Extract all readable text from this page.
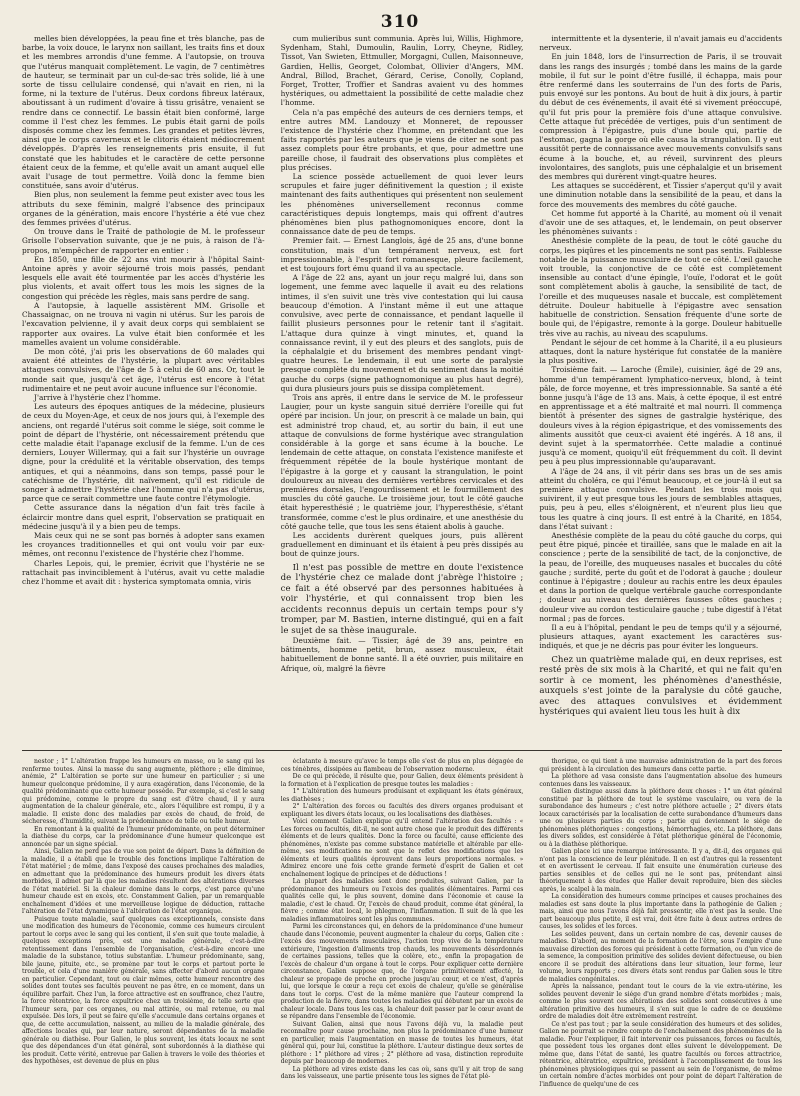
310

melles bien développées, la peau fine et très blanche, pas de barbe, la voix douce, le larynx non saillant, les traits fins et doux et les membres arrondis d'une femme. A l'autopsie, on trouva que l'utérus manquait complètement. Le vagin, de 7 centimètres de hauteur, se terminait par un cul-de-sac très solide, lié à une sorte de tissu cellulaire condensé, qui n'avait en rien, ni la forme, ni la texture de l'utérus. Deux cordons fibreux latéraux, aboutissant à un rudiment d'ovaire à tissu grisâtre, venaient se rendre dans ce connectif. Le bassin était bien conformé, large comme il l'est chez les femmes. Le pubis était garni de poils disposés comme chez les femmes. Les grandes et petites lèvres, ainsi que le corps caverneux et le clitoris étaient médiocrement développés. D'après les renseignements pris ensuite, il fut constaté que les habitudes et le caractère de cette personne étaient ceux de la femme, et qu'elle avait un amant auquel elle avait l'usage de tout permettre. Voilà donc la femme bien constituée, sans avoir d'utérus.

Bien plus, non seulement la femme peut exister avec tous les attributs du sexe féminin, malgré l'absence des principaux organes de la génération, mais encore l'hystérie a été vue chez des femmes privées d'utérus.

On trouve dans le Traité de pathologie de M. le professeur Grisolle l'observation suivante, que je ne puis, à raison de l'à-propos, m'empêcher de rapporter en entier :

En 1850, une fille de 22 ans vint mourir à l'hôpital Saint-Antoine après y avoir séjourné trois mois passés, pendant lesquels elle avait été tourmentée par les accès d'hystérie les plus violents, et avait offert tous les mois les signes de la congestion qui précède les règles, mais sans perdre de sang.

A l'autopsie, à laquelle assistèrent MM. Grisolle et Chassaignac, on ne trouva ni vagin ni utérus. Sur les parois de l'excavation pelvienne, il y avait deux corps qui semblaient se rapporter aux ovaires. La vulve était bien conformée et les mamelles avaient un volume considérable.

De mon côté, j'ai pris les observations de 60 malades qui avaient été atteintes de l'hystérie, la plupart avec véritables attaques convulsives, de l'âge de 5 à celui de 60 ans. Or, tout le monde sait que, jusqu'à cet âge, l'utérus est encore à l'état rudimentaire et ne peut avoir aucune influence sur l'économie.

J'arrive à l'hystérie chez l'homme.

Les auteurs des époques antiques de la médecine, plusieurs de ceux du Moyen-Age, et ceux de nos jours qui, à l'exemple des anciens, ont regardé l'utérus soit comme le siége, soit comme le point de départ de l'hystérie, ont nécessairement prétendu que cette maladie était l'apanage exclusif de la femme. L'un de ces derniers, Louyer Willermay, qui a fait sur l'hystérie un ouvrage digne, pour la crédulité et la véritable observation, des temps antiques, et qui a néanmoins, dans son temps, passé pour le catéchisme de l'hystérie, dit naïvement, qu'il est ridicule de songer à admettre l'hystérie chez l'homme qui n'a pas d'utérus, parce que ce serait commettre une faute contre l'étymologie.

Cette assurance dans la négation d'un fait très facile à éclaircir montre dans quel esprit, l'observation se pratiquait en médecine jusqu'à il y a bien peu de temps.

Mais ceux qui ne se sont pas bornés à adopter sans examen les croyances traditionnelles et qui ont voulu voir par eux-mêmes, ont reconnu l'existence de l'hystérie chez l'homme.

Charles Lepois, qui, le premier, écrivit que l'hystérie ne se rattachait pas invinciblement à l'utérus, avait vu cette maladie chez l'homme et avait dit : hysterica symptomata omnia, viris

cum mulieribus sunt communia. Après lui, Willis, Highmore, Sydenham, Stahl, Dumoulin, Raulin, Lorry, Cheyne, Ridley, Tissot, Van Swieten, Ettmuller, Morgagni, Cullen, Maisonneuve, Gardien, Hellis, Georget, Colombat, Ollivier d'Angers, MM. Andral, Billod, Brachet, Gérard, Cerise, Conolly, Copland, Forget, Trotter, Troffier et Sandras avaient vu des hommes hystériques, ou admettaient la possibilité de cette maladie chez l'homme.

Cela n'a pas empêché des auteurs de ces derniers temps, et entre autres MM. Landouzy et Monneret, de repousser l'existence de l'hystérie chez l'homme, en prétendant que les faits rapportés par les auteurs que je viens de citer ne sont pas assez complets pour être probants, et que, pour admettre une pareille chose, il faudrait des observations plus complètes et plus précises.

La science possède actuellement de quoi lever leurs scrupules et faire juger définitivement la question ; il existe maintenant des faits authentiques qui présentent non seulement les phénomènes universellement reconnus comme caractéristiques depuis longtemps, mais qui offrent d'autres phénomènes bien plus pathognomoniques encore, dont la connaissance date de peu de temps.

Premier fait. — Ernest Langlois, âgé de 25 ans, d'une bonne constitution, mais d'un tempérament nerveux, est fort impressionnable, à l'esprit fort romanesque, pleure facilement, et est toujours fort ému quand il va au spectacle.

A l'âge de 22 ans, ayant un jour reçu malgré lui, dans son logement, une femme avec laquelle il avait eu des relations intimes, il s'en suivit une très vive contestation qui lui causa beaucoup d'émotion. A l'instant même il eut une attaque convulsive, avec perte de connaissance, et pendant laquelle il faillit plusieurs personnes pour le retenir tant il s'agitait. L'attaque dura quinze à vingt minutes, et, quand la connaissance revint, il y eut des pleurs et des sanglots, puis de la céphalalgie et du brisement des membres pendant vingt-quatre heures. Le lendemain, il eut une sorte de paralysie presque complète du mouvement et du sentiment dans la moitié gauche du corps (signe pathognomonique au plus haut degré), qui dura plusieurs jours puis se dissipa complètement.

Trois ans après, il entre dans le service de M. le professeur Laugier, pour un kyste sanguin situé derrière l'oreille qui fut opéré par incision. Un jour, on prescrit à ce malade un bain, qui est administré trop chaud, et, au sortir du bain, il eut une attaque de convulsions de forme hystérique avec strangulation considérable à la gorge et sans écume à la bouche. Le lendemain de cette attaque, on constata l'existence manifeste et fréquemment répétée de la boule hystérique montant de l'épigastre à la gorge et y causant la strangulation, le point douloureux au niveau des dernières vertèbres cervicales et des premières dorsales, l'engourdissement et le fourmillement des muscles du côté gauche. Le troisième jour, tout le côté gauche était hyperesthésié ; le quatrième jour, l'hyperesthésie, s'étant transformée, comme c'est le plus ordinaire, et une anesthésie du côté gauche telle, que tous les sens étaient abolis à gauche.

Les accidents durèrent quelques jours, puis allèrent graduellement en diminuant et ils étaient à peu près dissipés au bout de quinze jours.

Il n'est pas possible de mettre en doute l'existence de l'hystérie chez ce malade dont j'abrège l'histoire ; ce fait a été observé par des personnes habituées à voir l'hystérie, et qui connaissent trop bien les accidents reconnus depuis un certain temps pour s'y tromper, par M. Bastien, interne distingué, qui en a fait le sujet de sa thèse inaugurale.

Deuxième fait. — Tissier, âgé de 39 ans, peintre en bâtiments, homme petit, brun, assez musculeux, était habituellement de bonne santé. Il a été ouvrier, puis militaire en Afrique, où, malgré la fièvre

intermittente et la dysenterie, il n'avait jamais eu d'accidents nerveux.

En juin 1848, lors de l'insurrection de Paris, il se trouvait dans les rangs des insurgés ; tombé dans les mains de la garde mobile, il fut sur le point d'être fusillé, il échappa, mais pour être renfermé dans les souterrains de l'un des forts de Paris, puis envoyé sur les pontons. Au bout de huit à dix jours, à partir du début de ces événements, il avait été si vivement préoccupé, qu'il fut pris pour la première fois d'une attaque convulsive. Cette attaque fut précédée de vertiges, puis d'un sentiment de compression à l'épigastre, puis d'une boule qui, partie de l'estomac, gagna la gorge où elle causa la strangulation. Il y eut aussitôt perte de connaissance avec mouvements convulsifs sans écume à la bouche, et, au réveil, survinrent des pleurs involontaires, des sanglots, puis une céphalalgie et un brisement des membres qui durèrent vingt-quatre heures.

Les attaques se succédèrent, et Tissier s'aperçut qu'il y avait une diminution notable dans la sensibilité de la peau, et dans la force des mouvements des membres du côté gauche.

Cet homme fut apporté à la Charité, au moment où il venait d'avoir une de ses attaques, et, le lendemain, on peut observer les phénomènes suivants :

Anesthésie complète de la peau, de tout le côté gauche du corps, les piqûres et les pincements ne sont pas sentis. Faiblesse notable de la puissance musculaire de tout ce côté. L'œil gauche voit trouble, la conjonctive de ce côté est complètement insensible au contact d'une épingle, l'ouïe, l'odorat et le goût sont complètement abolis à gauche, la sensibilité de tact, de l'oreille et des muqueuses nasale et buccale, est complètement détruite. Douleur habituelle à l'épigastre avec sensation habituelle de constriction. Sensation fréquente d'une sorte de boule qui, de l'épigastre, remonte à la gorge. Douleur habituelle très vive au rachis, au niveau des scapulums.

Pendant le séjour de cet homme à la Charité, il a eu plusieurs attaques, dont la nature hystérique fut constatée de la manière la plus positive.

Troisième fait. — Laroche (Émile), cuisinier, âgé de 29 ans, homme d'un tempérament lymphatico-nerveux, blond, à teint pâle, de force moyenne, et très impressionnable. Sa santé a été bonne jusqu'à l'âge de 13 ans. Mais, à cette époque, il est entré en apprentissage et a été maltraité et mal nourri. Il commença bientôt à présenter des signes de gastralgie hystérique, des douleurs vives à la région épigastrique, et des vomissements des aliments aussitôt que ceux-ci avaient été ingérés. A 18 ans, il devint sujet à la spermatorrhée. Cette maladie a continué jusqu'à ce moment, quoiqu'il eût fréquemment du coït. Il devint peu à peu plus impressionnable qu'auparavant.

A l'âge de 24 ans, il vit périr dans ses bras un de ses amis atteint du choléra, ce qui l'émut beaucoup, et ce jour-là il eut sa première attaque convulsive. Pendant les trois mois qui suivirent, il y eut presque tous les jours de semblables attaques, puis, peu à peu, elles s'éloignèrent, et n'eurent plus lieu que tous les quatre à cinq jours. Il est entré à la Charité, en 1854, dans l'état suivant :

Anesthésie complète de la peau du côté gauche du corps, qui peut être piqué, pincée et tiraillée, sans que le malade en ait la conscience ; perte de la sensibilité de tact, de la conjonctive, de la peau, de l'oreille, des muqueuses nasales et buccales du côté gauche ; surdité, perte du goût et de l'odorat à gauche ; douleur continue à l'épigastre ; douleur au rachis entre les deux épaules et dans la portion de quelque vertébrale gauche correspondante ; douleur au niveau des dernières fausses côtes gauches ; douleur vive au cordon testiculaire gauche ; tube digestif à l'état normal ; pas de forces.

Il a eu à l'hôpital, pendant le peu de temps qu'il y a séjourné, plusieurs attaques, ayant exactement les caractères sus-indiqués, et que je ne décris pas pour éviter les longueurs.

Chez un quatrième malade qui, en deux reprises, est resté près de six mois à la Charité, et qui ne fait qu'en sortir à ce moment, les phénomènes d'anesthésie, auxquels s'est jointe de la paralysie du côté gauche, avec des attaques convulsives et évidemment hystériques qui avaient lieu tous les huit à dix

nestor ; 1° L'altération frappe les humeurs en masse, ou le sang qui les renferme toutes. Ainsi la masse du sang augmente, pléthore ; elle diminue, anémie, 2° L'altération se porte sur une humeur en particulier ; si une humeur quelconque prédomine, il y aura exagération, dans l'économie, de la qualité prédominante que cette humeur possède. Par exemple, si c'est le sang qui prédomine, comme le propre du sang est d'être chaud, il y aura augmentation de la chaleur générale, etc., alors l'équilibre est rompu, il y a maladie. Il existe donc des maladies par excès de chaud, de froid, de sécheresse, d'humidité, suivant la prédominance de telle ou telle humeur.

En remontant à la qualité de l'humeur prédominante, on peut déterminer la diathèse du corps, car la prédominance d'une humeur quelconque est annoncée par un signe spécial.

Ainsi, Galien ne perd pas de vue son point de départ. Dans la définition de la maladie, il a établi que le trouble des fonctions implique l'altération de l'état matériel ; de même, dans l'exposé des causes prochaines des maladies, en admettant que la prédominance des humeurs produit les divers états morbides, il admet par là que les maladies résultent des altérations diverses de l'état matériel. Si la chaleur domine dans le corps, c'est parce qu'une humeur chaude est en excès, etc. Constamment Galien, par un remarquable enchaînement d'idées et une merveilleuse logique de déduction, rattache l'altération de l'état dynamique à l'altération de l'état organique.

Puisque toute maladie, sauf quelques cas exceptionnels, consiste dans une modification des humeurs de l'économie, comme ces humeurs circulent partout le corps avec le sang qui les contient, il s'en suit que toute maladie, à quelques exceptions près, est une maladie générale, c'est-à-dire retentissement dans l'ensemble de l'organisation, c'est-à-dire encore une maladie de la substance, totius substantiæ. L'humeur prédominante, sang, bile jaune, pituite, etc., se promène par tout le corps et partout porte le trouble, et cela d'une manière générale, sans affecter d'abord aucun organe en particulier. Cependant, tout ou clair mêmes, cette humeur rencontre des solides dont toutes ses facultés peuvent ne pas être, en ce moment, dans un équilibre parfait. Chez l'un, la force attractive est en souffrance, chez l'autre, la force rétentrice, la force expultrice chez un troisième, de telle sorte que l'humeur sera, par ces organes, ou mal attirée, ou mal retenue, ou mal expulsée. Dès lors, il peut se faire qu'elle s'accumule dans certains organes et que, de cette accumulation, naissent, au milieu de la maladie générale, des affections locales qui, par leur nature, seront dépendantes de la maladie générale ou diathèse. Pour Galien, le plus souvent, les états locaux ne sont que des dépendances d'un état général, sont subordonnés à la diathèse qui les produit. Cette vérité, entrevue par Galien à travers le voile des théories et des hypothèses, est devenue de plus en plus

éclatante à mesure qu'avec le temps elle s'est de plus en plus dégagée de ces ténèbres, dissipées au flambeau de l'observation moderne.

De ce qui précède, il résulte que, pour Galien, deux éléments président à la formation et à l'explication de presque toutes les maladies :

1° L'altération des humeurs produisant et expliquant les états généraux, les diathèses ;

2° L'altération des forces ou facultés des divers organes produisant et expliquant les divers états locaux, ou les localisations des diathèses.

Voici comment Galien explique qu'il entend l'altération des facultés : « Les forces ou facultés, dit-il, ne sont autre chose que le produit des différents éléments et de leurs qualités. Donc la force ou faculté, cause efficiente des phénomènes, n'existe pas comme substance matérielle et altérable par elle-même, ses modifications ne sont que le reflet des modifications que les éléments et leurs qualités éprouvent dans leurs proportions normales. » Admirez encore une fois cette grande fermeté d'esprit de Galien et cet enchaînement logique de principes et de déductions !

La plupart des maladies sont donc produites, suivant Galien, par la prédominance des humeurs ou l'excès des qualités élémentaires. Parmi ces qualités celle qui, le plus souvent, domine dans l'économie et cause la maladie, c'est le chaud. Or, l'excès de chaud produit, comme état général, la fièvre ; comme état local, le phlegmon, l'inflammation. Il suit de là que les maladies inflammatoires sont les plus communes.

Parmi les circonstances qui, en dehors de la prédominance d'une humeur chaude dans l'économie, peuvent augmenter la chaleur du corps, Galien cite : l'excès des mouvements musculaires, l'action trop vive de la température extérieure, l'ingestion d'aliments trop chauds, les mouvements désordonnés de certaines passions, telles que la colère, etc., enfin la propagation de l'excès de chaleur d'un organe à tout le corps. Pour expliquer cette dernière circonstance, Galien suppose que, de l'organe primitivement affecté, la chaleur se propage de proche en proche jusqu'au cœur, et ce n'est, d'après lui, que lorsque le cœur a reçu cet excès de chaleur, qu'elle se généralise dans tout le corps. C'est de la même manière que l'auteur comprend la production de la fièvre, dans toutes les maladies qui débutent par un excès de chaleur locale. Dans tous les cas, la chaleur doit passer par le cœur avant de se répandre dans l'ensemble de l'économie.

Suivant Galien, ainsi que nous l'avons déjà vu, la maladie peut reconnaître pour cause prochaine, non plus la prédominance d'une humeur en particulier, mais l'augmentation en masse de toutes les humeurs, état général qui, pour lui, constitue la pléthore. L'auteur distingue deux sortes de pléthore : 1° pléthore ad vires ; 2° pléthore ad vasa, distinction reproduite depuis par beaucoup de modernes.

La pléthore ad vires existe dans les cas où, sans qu'il y ait trop de sang dans les vaisseaux, une partie présente tous les signes de l'état plé-

thorique, ce qui tient à une mauvaise administration de la part des forces qui président à la circulation des humeurs dans cette partie.

La pléthore ad vasa consiste dans l'augmentation absolue des humeurs contenues dans les vaisseaux.

Galien distingue aussi dans la pléthore deux choses : 1° un état général constitué par la pléthore de tout le système vasculaire, ou vera de la surabondance des humeurs ; c'est notre pléthore actuelle ; 2° divers états locaux caractérisés par la localisation de cette surabondance d'humeurs dans une ou plusieurs parties du corps ; partie qui deviennent le siége de phénomènes pléthoriques : congestions, hémorrhagies, etc. La pléthore, dans les divers solides, est considérée à l'état pléthorique général de l'économie, ou à la diathèse pléthorique.

Galien place ici une remarque intéressante. Il y a, dit-il, des organes qui n'ont pas la conscience de leur plénitude. Il en est d'autres qui la ressentent et en avertissent le cerveau. Il fait ensuite une énumération curieuse des parties sensibles et de celles qui ne le sont pas, prétendant ainsi théoriquement à des études que Haller devait reproduire, bien des siècles après, le scalpel à la main.

La considération des humeurs comme principes et causes prochaines des maladies est sans doute la plus importante dans la pathogénie de Galien ; mais, ainsi que nous l'avons déjà fait pressentir, elle n'est pas la seule. Une part beaucoup plus petite, il est vrai, doit être faite à deux autres ordres de causes, les solides et les forces.

Les solides peuvent, dans un certain nombre de cas, devenir causes de maladies. D'abord, au moment de la formation de l'être, sous l'empire d'une mauvaise direction des forces qui président à cette formation, ou d'un vice de la semence, la composition primitive des solides devient défectueuse, ou bien encore il se produit des altérations dans leur situation, leur forme, leur volume, leurs rapports ; ces divers états sont rendus par Galien sous le titre de maladies congénitales.

Après la naissance, pendant tout le cours de la vie extra-utérine, les solides peuvent devenir le siége d'un grand nombre d'états morbides ; mais, comme le plus souvent ces altérations des solides sont consécutives à une altération primitive des humeurs, il s'en suit que le cadre de ce deuxième ordre de maladies doit être extrêmement restreint.

Ce n'est pas tout ; par la seule considération des humeurs et des solides, Galien ne pourrait se rendre compte de l'enchaînement des phénomènes de la maladie. Pour l'expliquer, il fait intervenir ces puissances, forces ou facultés, que possèdent tous les organes dont elles suivent le développement. De même que, dans l'état de santé, les quatre facultés ou forces attractrice, rétentrice, altératrice, expultrice, président à l'accomplissement de tous les phénomènes physiologiques qui se passent au sein de l'organisme, de même un certain nombre d'actes morbides ont pour point de départ l'altération de l'influence de quelqu'une de ces
